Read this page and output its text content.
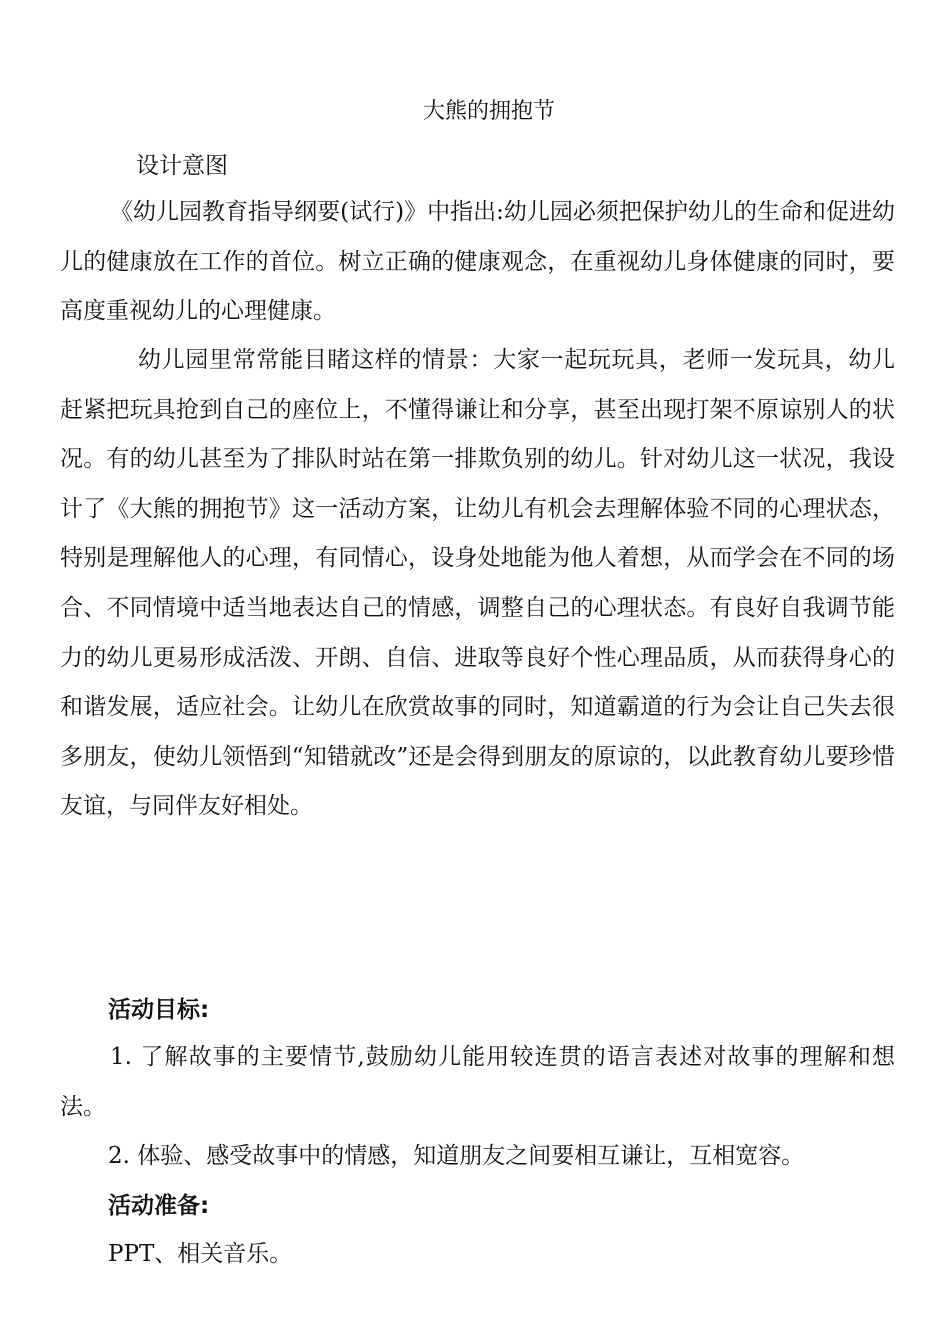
大熊的拥抱节
设计意图

《幼儿园教育指导纲要(试行)》中指出:幼儿园必须把保护幼儿的生命和促进幼儿的健康放在工作的首位。树立正确的健康观念，在重视幼儿身体健康的同时，要高度重视幼儿的心理健康。

幼儿园里常常能目睹这样的情景：大家一起玩玩具，老师一发玩具，幼儿赶紧把玩具抢到自己的座位上，不懂得谦让和分享，甚至出现打架不原谅别人的状况。有的幼儿甚至为了排队时站在第一排欺负别的幼儿。针对幼儿这一状况，我设计了《大熊的拥抱节》这一活动方案，让幼儿有机会去理解体验不同的心理状态，特别是理解他人的心理，有同情心，设身处地能为他人着想，从而学会在不同的场合、不同情境中适当地表达自己的情感，调整自己的心理状态。有良好自我调节能力的幼儿更易形成活泼、开朗、自信、进取等良好个性心理品质，从而获得身心的和谐发展，适应社会。让幼儿在欣赏故事的同时，知道霸道的行为会让自己失去很多朋友，使幼儿领悟到“知错就改”还是会得到朋友的原谅的，以此教育幼儿要珍惜友谊，与同伴友好相处。

活动目标:

1. 了解故事的主要情节,鼓励幼儿能用较连贯的语言表述对故事的理解和想法。

2. 体验、感受故事中的情感，知道朋友之间要相互谦让，互相宽容。
活动准备:
PPT、相关音乐。
